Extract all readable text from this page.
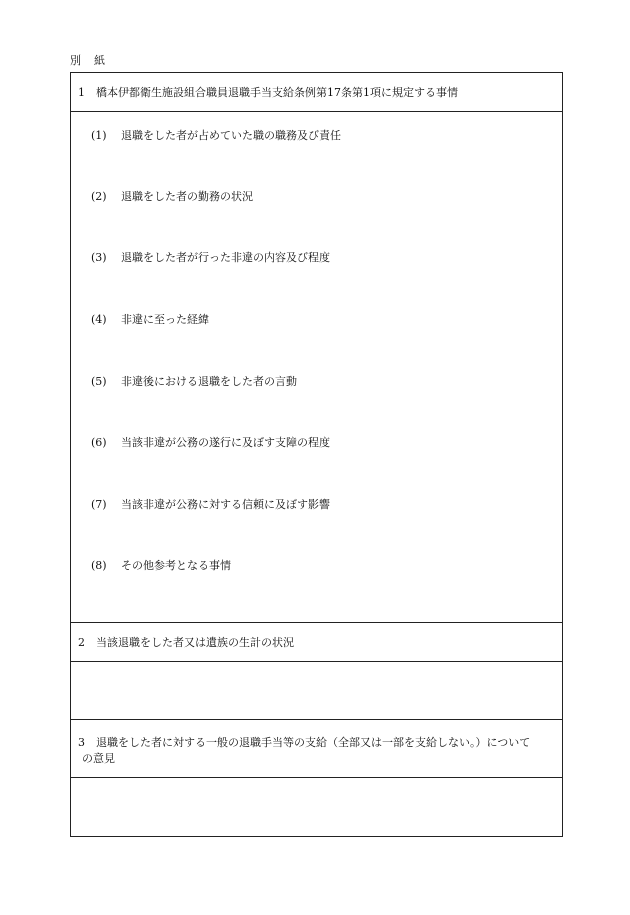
別　紙
1 橋本伊都衛生施設組合職員退職手当支給条例第17条第1項に規定する事情
(1) 退職をした者が占めていた職の職務及び責任
(2) 退職をした者の勤務の状況
(3) 退職をした者が行った非違の内容及び程度
(4) 非違に至った経緯
(5) 非違後における退職をした者の言動
(6) 当該非違が公務の遂行に及ぼす支障の程度
(7) 当該非違が公務に対する信頼に及ぼす影響
(8) その他参考となる事情
2 当該退職をした者又は遺族の生計の状況
3 退職をした者に対する一般の退職手当等の支給（全部又は一部を支給しない。）について
の意見
